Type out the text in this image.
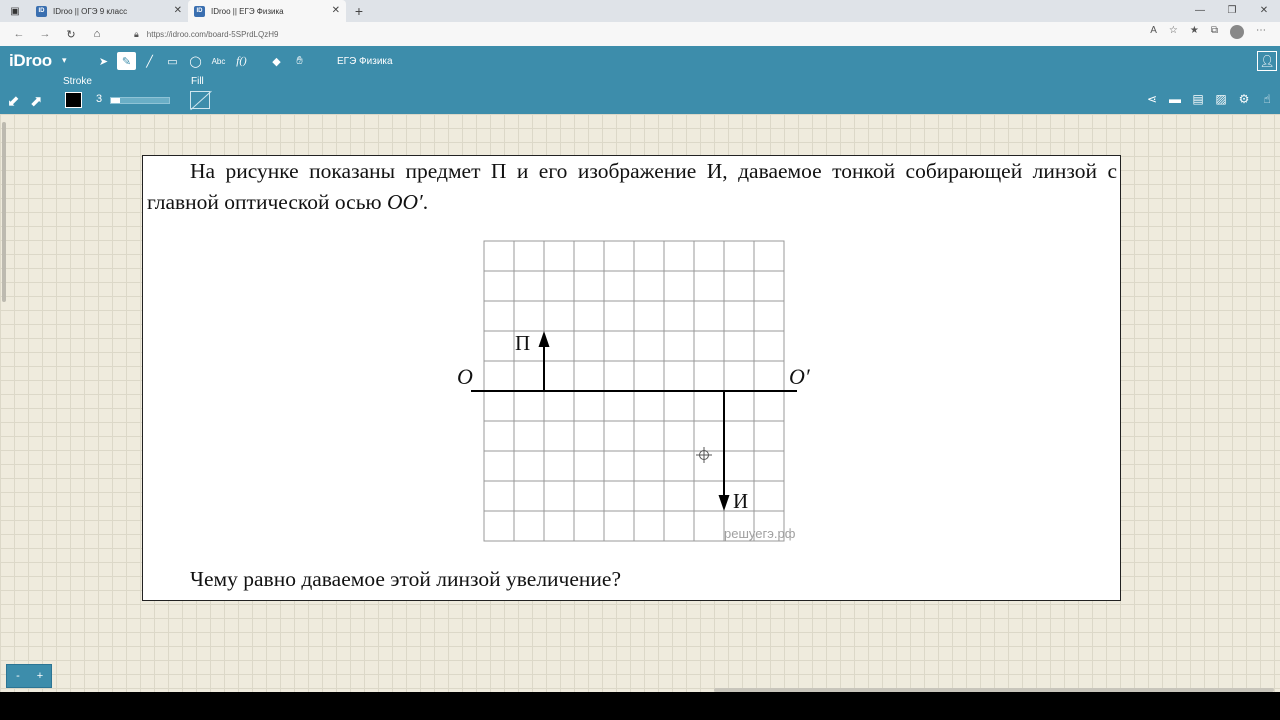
▣	ID	IDroo || ОГЭ 9 класс	✕	ID	IDroo || ЕГЭ Физика	✕	+	—	❐	✕
←	→	↻	⌂	🔒︎ https://idroo.com/board-5SPrdLQzH9	A ☆ ★ ⧉	⋯
iDroo ▾	➤	✎	╱	▭	◯	Abc f()	◆	✋︎	ЕГЭ Физика	👤︎
Stroke	Fill
⬋ ⬈	3	⋖ ▬ ▤ ▨ ⚙ ☝︎
На рисунке показаны предмет П и его изображение И, даваемое тонкой собирающей линзой с главной оптической осью OO′.
O	O′
П
И
решуегэ.рф
Чему равно даваемое этой линзой увеличение?
-	+
